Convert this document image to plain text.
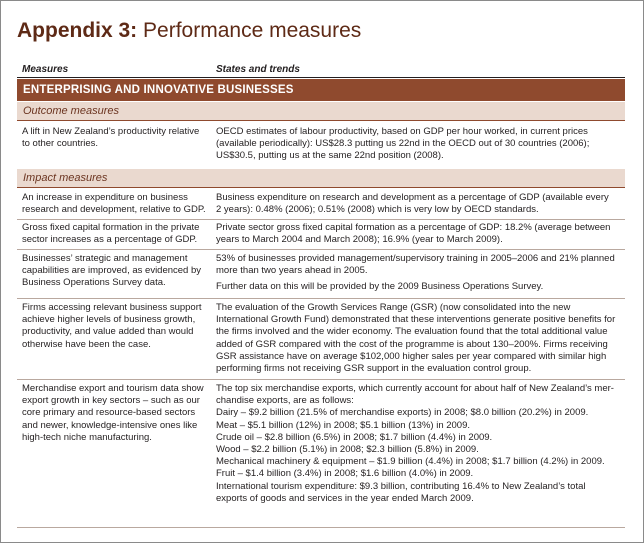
Appendix 3: Performance measures
Measures	States and trends
ENTERPRISING AND INNOVATIVE BUSINESSES
Outcome measures
A lift in New Zealand’s productivity relative to other countries.

OECD estimates of labour productivity, based on GDP per hour worked, in current prices (available periodically): US$28.3 putting us 22nd in the OECD out of 30 countries (2006); US$30.5, putting us at the same 22nd position (2008).

Impact measures
An increase in expenditure on business research and development, relative to GDP.

Business expenditure on research and development as a percentage of GDP (available every 2 years): 0.48% (2006); 0.51% (2008) which is very low by OECD standards.

Gross fixed capital formation in the private sector increases as a percentage of GDP.

Private sector gross fixed capital formation as a percentage of GDP: 18.2% (average between years to March 2004 and March 2008); 16.9% (year to March 2009).

Businesses’ strategic and management capabilities are improved, as evidenced by Business Operations Survey data.

53% of businesses provided management/supervisory training in 2005–2006 and 21% planned more than two years ahead in 2005.

Further data on this will be provided by the 2009 Business Operations Survey.

Firms accessing relevant business support achieve higher levels of business growth, productivity, and value added than would otherwise have been the case.

The evaluation of the Growth Services Range (GSR) (now consolidated into the new International Growth Fund) demonstrated that these interventions generate positive benefits for the firms involved and the wider economy. The evaluation found that the total additional value added of GSR compared with the cost of the programme is about 130–200%. Firms receiving GSR assistance have on average $102,000 higher sales per year compared with similar high performing firms not receiving GSR support in the evaluation control group.

Merchandise export and tourism data show export growth in key sectors – such as our core primary and resource-based sectors and newer, knowledge-intensive ones like high-tech niche manufacturing.

The top six merchandise exports, which currently account for about half of New Zealand’s mer- chandise exports, are as follows:

Dairy – $9.2 billion (21.5% of merchandise exports) in 2008; $8.0 billion (20.2%) in 2009.

Meat – $5.1 billion (12%) in 2008; $5.1 billion (13%) in 2009.

Crude oil – $2.8 billion (6.5%) in 2008; $1.7 billion (4.4%) in 2009.

Wood – $2.2 billion (5.1%) in 2008; $2.3 billion (5.8%) in 2009.

Mechanical machinery & equipment – $1.9 billion (4.4%) in 2008; $1.7 billion (4.2%) in 2009.

Fruit – $1.4 billion (3.4%) in 2008; $1.6 billion (4.0%) in 2009.

International tourism expenditure: $9.3 billion, contributing 16.4% to New Zealand’s total exports of goods and services in the year ended March 2009.
